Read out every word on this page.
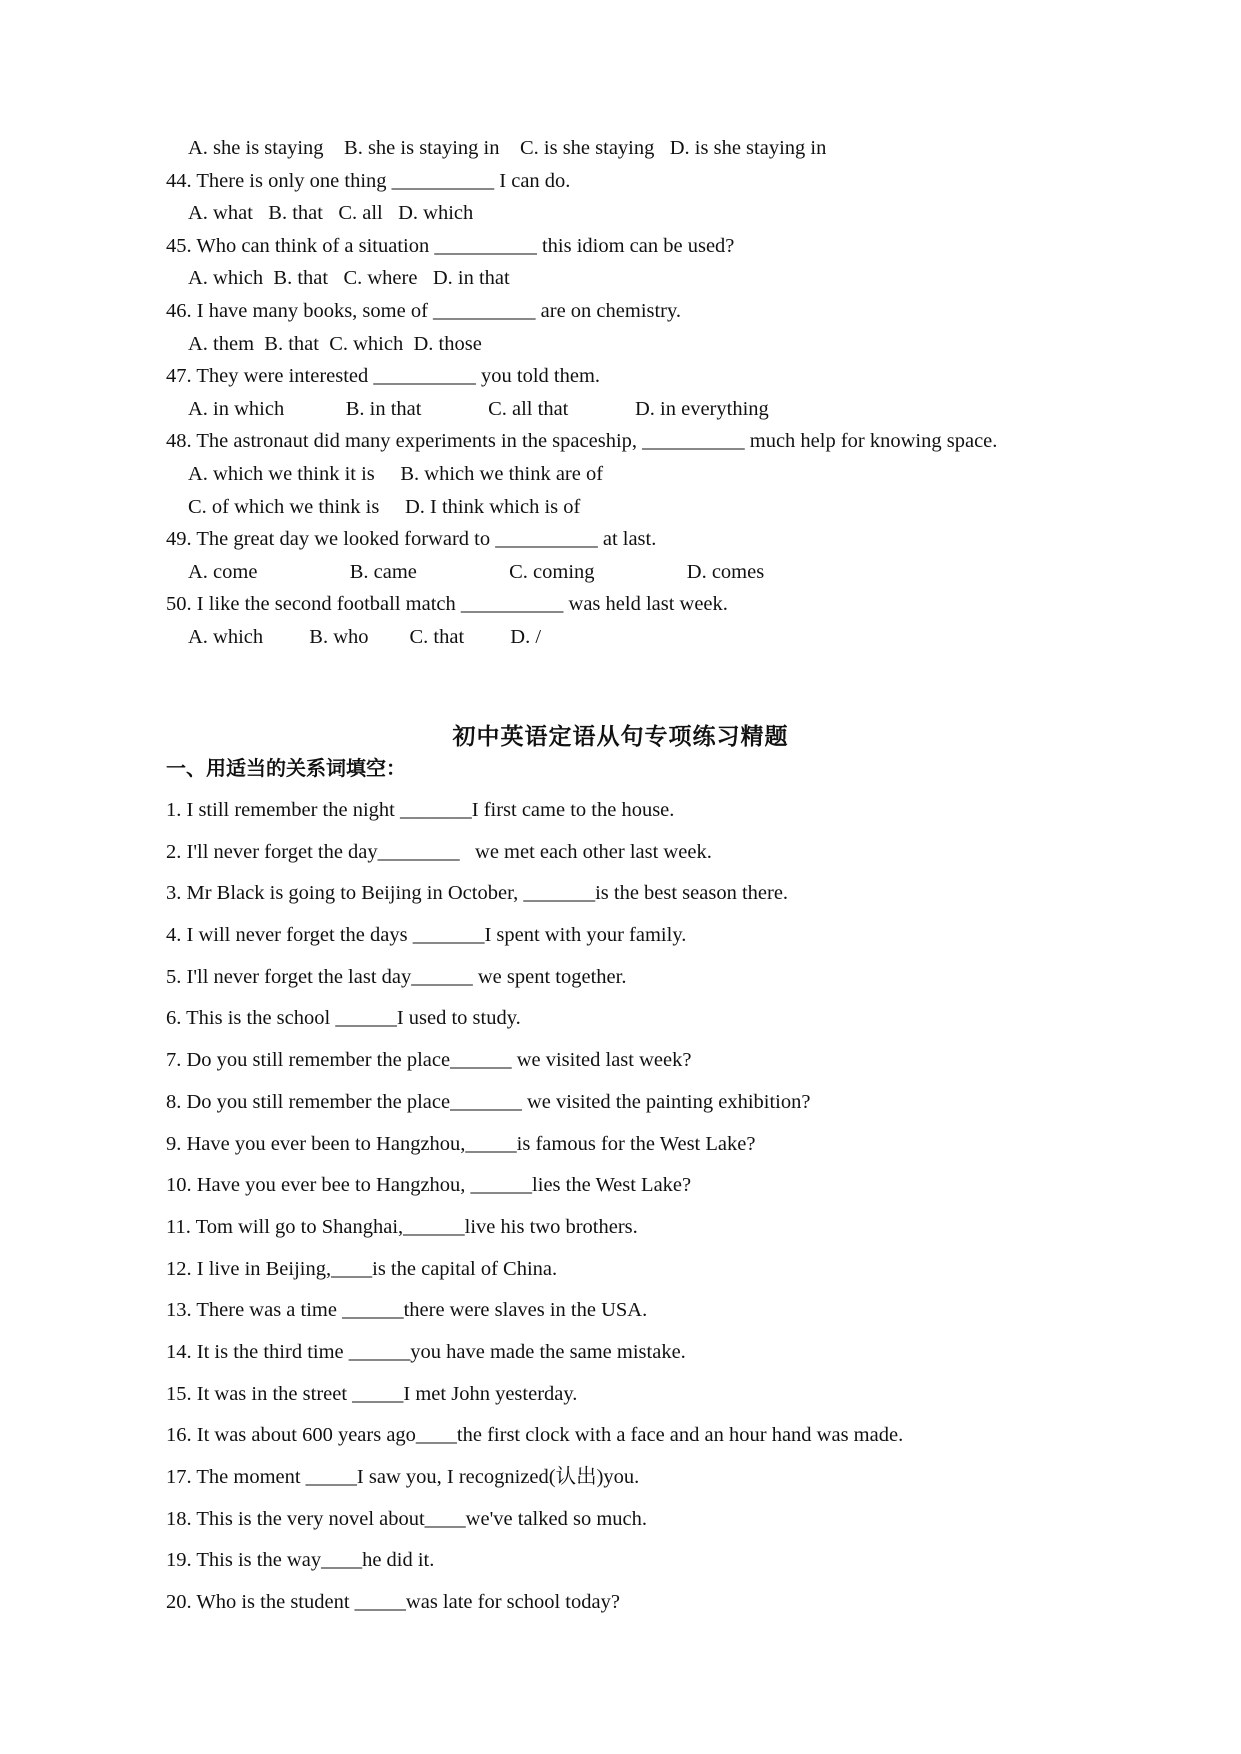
A. she is staying    B. she is staying in    C. is she staying   D. is she staying in
44. There is only one thing __________ I can do.
A. what   B. that   C. all   D. which
45. Who can think of a situation __________ this idiom can be used?
A. which  B. that   C. where   D. in that
46. I have many books, some of __________ are on chemistry.
A. them  B. that  C. which  D. those
47. They were interested __________ you told them.
A. in which            B. in that             C. all that             D. in everything
48. The astronaut did many experiments in the spaceship, __________ much help for knowing space.
A. which we think it is     B. which we think are of
C. of which we think is     D. I think which is of
49. The great day we looked forward to __________ at last.
A. come                  B. came                  C. coming                  D. comes
50. I like the second football match __________ was held last week.
A. which         B. who        C. that         D. /
初中英语定语从句专项练习精题
一、用适当的关系词填空：
1. I still remember the night _______I first came to the house.
2. I'll never forget the day________   we met each other last week.
3. Mr Black is going to Beijing in October, _______is the best season there.
4. I will never forget the days _______I spent with your family.
5. I'll never forget the last day______ we spent together.
6. This is the school ______I used to study.
7. Do you still remember the place______ we visited last week?
8. Do you still remember the place_______ we visited the painting exhibition?
9. Have you ever been to Hangzhou,_____is famous for the West Lake?
10. Have you ever bee to Hangzhou, ______lies the West Lake?
11. Tom will go to Shanghai,______live his two brothers.
12. I live in Beijing,____is the capital of China.
13. There was a time ______there were slaves in the USA.
14. It is the third time ______you have made the same mistake.
15. It was in the street _____I met John yesterday.
16. It was about 600 years ago____the first clock with a face and an hour hand was made.
17. The moment _____I saw you, I recognized(认出)you.
18. This is the very novel about____we've talked so much.
19. This is the way____he did it.
20. Who is the student _____was late for school today?
